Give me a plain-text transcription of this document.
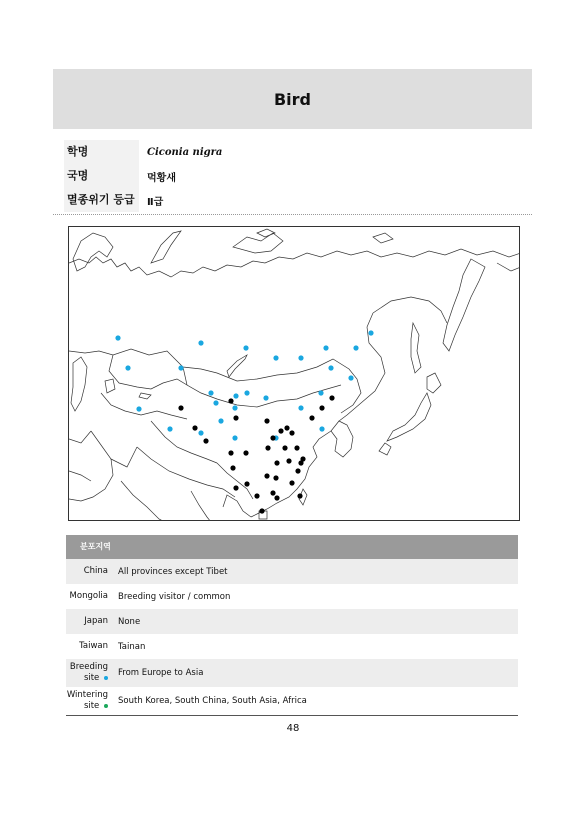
Bird
학명	Ciconia nigra
국명	먹황새
멸종위기 등급	Ⅱ급
분포지역
China	All provinces except Tibet
Mongolia	Breeding visitor / common
Japan	None
Taiwan	Tainan
Breeding site	From Europe to Asia
Wintering site	South Korea, South China, South Asia, Africa
48
